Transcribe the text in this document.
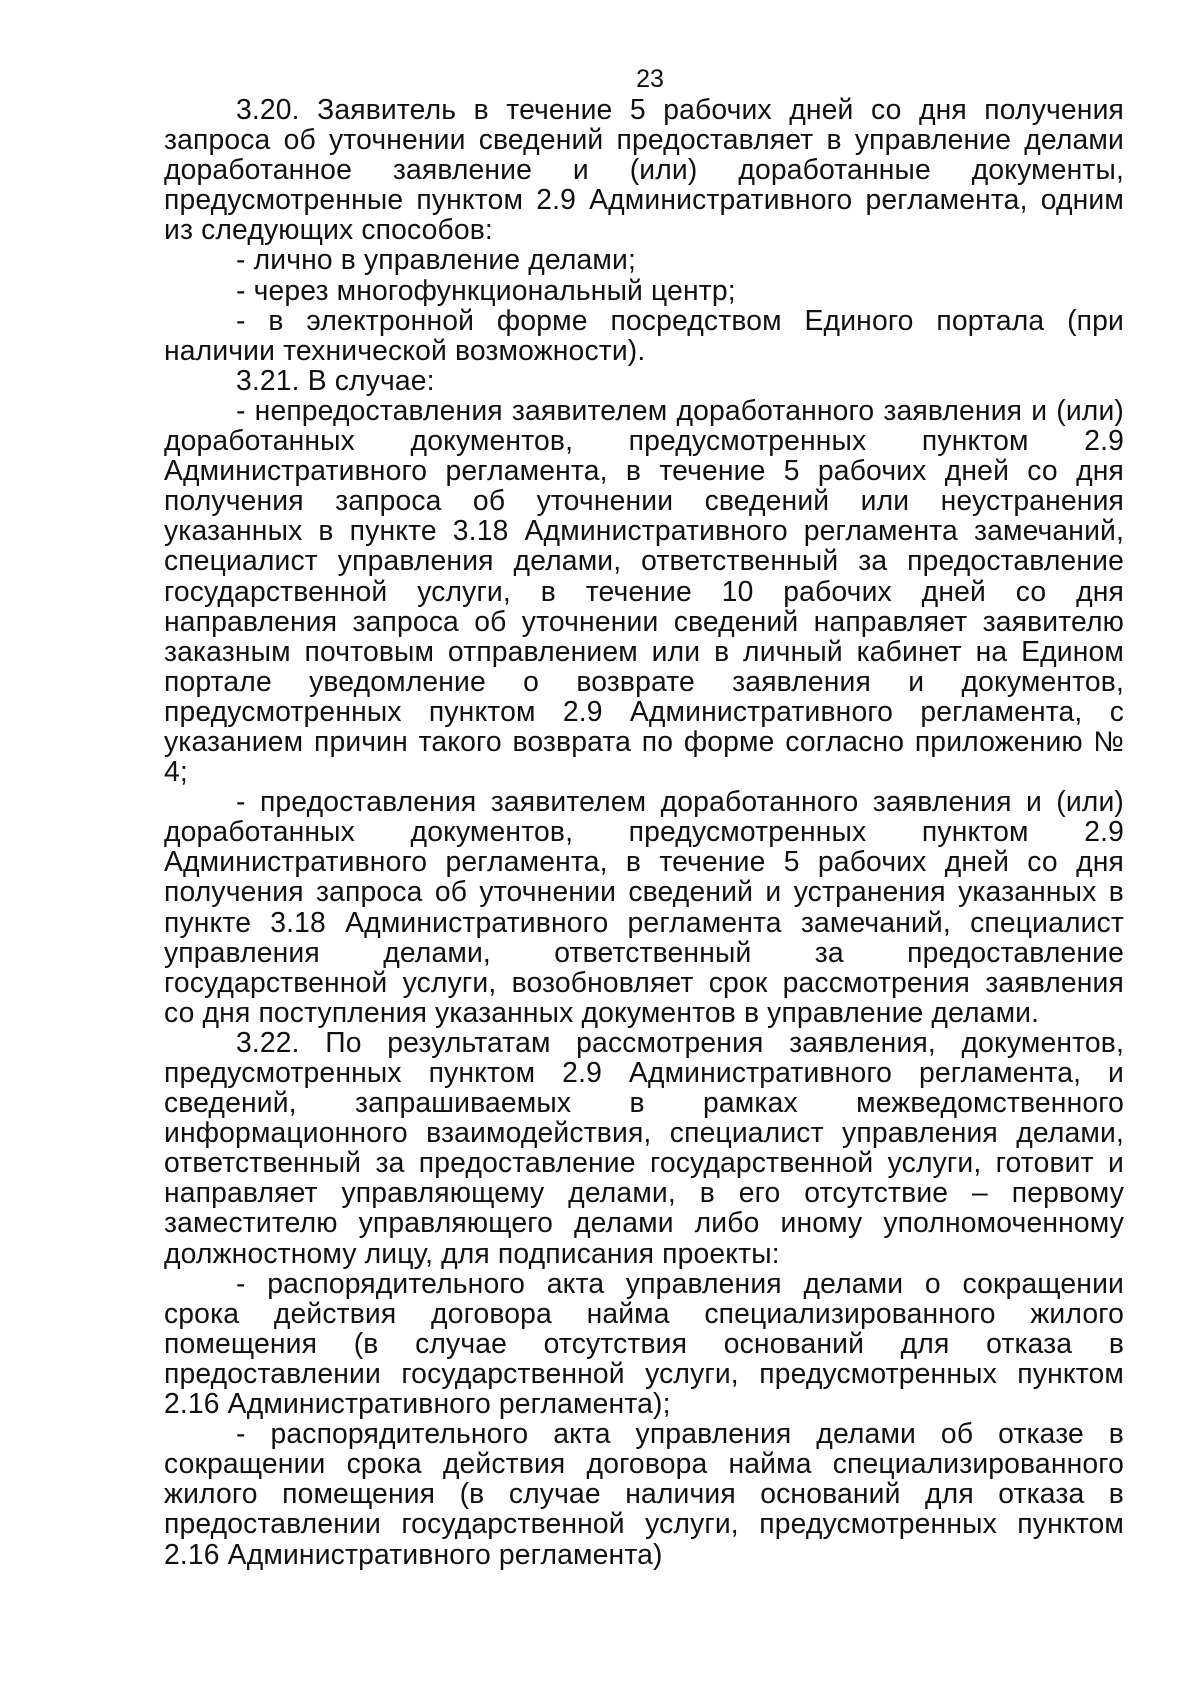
23

3.20. Заявитель в течение 5 рабочих дней со дня получения запроса об уточнении сведений предоставляет в управление делами доработанное заявление и (или) доработанные документы, предусмотренные пунктом 2.9 Административного регламента, одним из следующих способов:

- лично в управление делами;

- через многофункциональный центр;

- в электронной форме посредством Единого портала (при наличии технической возможности).

3.21. В случае:

- непредоставления заявителем доработанного заявления и (или) доработанных документов, предусмотренных пунктом 2.9 Административного регламента, в течение 5 рабочих дней со дня получения запроса об уточнении сведений или неустранения указанных в пункте 3.18 Административного регламента замечаний, специалист управления делами, ответственный за предоставление государственной услуги, в течение 10 рабочих дней со дня направления запроса об уточнении сведений направляет заявителю заказным почтовым отправлением или в личный кабинет на Едином портале уведомление о возврате заявления и документов, предусмотренных пунктом 2.9 Административного регламента, с указанием причин такого возврата по форме согласно приложению № 4;

- предоставления заявителем доработанного заявления и (или) доработанных документов, предусмотренных пунктом 2.9 Административного регламента, в течение 5 рабочих дней со дня получения запроса об уточнении сведений и устранения указанных в пункте 3.18 Административного регламента замечаний, специалист управления делами, ответственный за предоставление государственной услуги, возобновляет срок рассмотрения заявления со дня поступления указанных документов в управление делами.

3.22. По результатам рассмотрения заявления, документов, предусмотренных пунктом 2.9 Административного регламента, и сведений, запрашиваемых в рамках межведомственного информационного взаимодействия, специалист управления делами, ответственный за предоставление государственной услуги, готовит и направляет управляющему делами, в его отсутствие – первому заместителю управляющего делами либо иному уполномоченному должностному лицу, для подписания проекты:

- распорядительного акта управления делами о сокращении срока действия договора найма специализированного жилого помещения (в случае отсутствия оснований для отказа в предоставлении государственной услуги, предусмотренных пунктом 2.16 Административного регламента);

- распорядительного акта управления делами об отказе в сокращении срока действия договора найма специализированного жилого помещения (в случае наличия оснований для отказа в предоставлении государственной услуги, предусмотренных пунктом 2.16 Административного регламента)
